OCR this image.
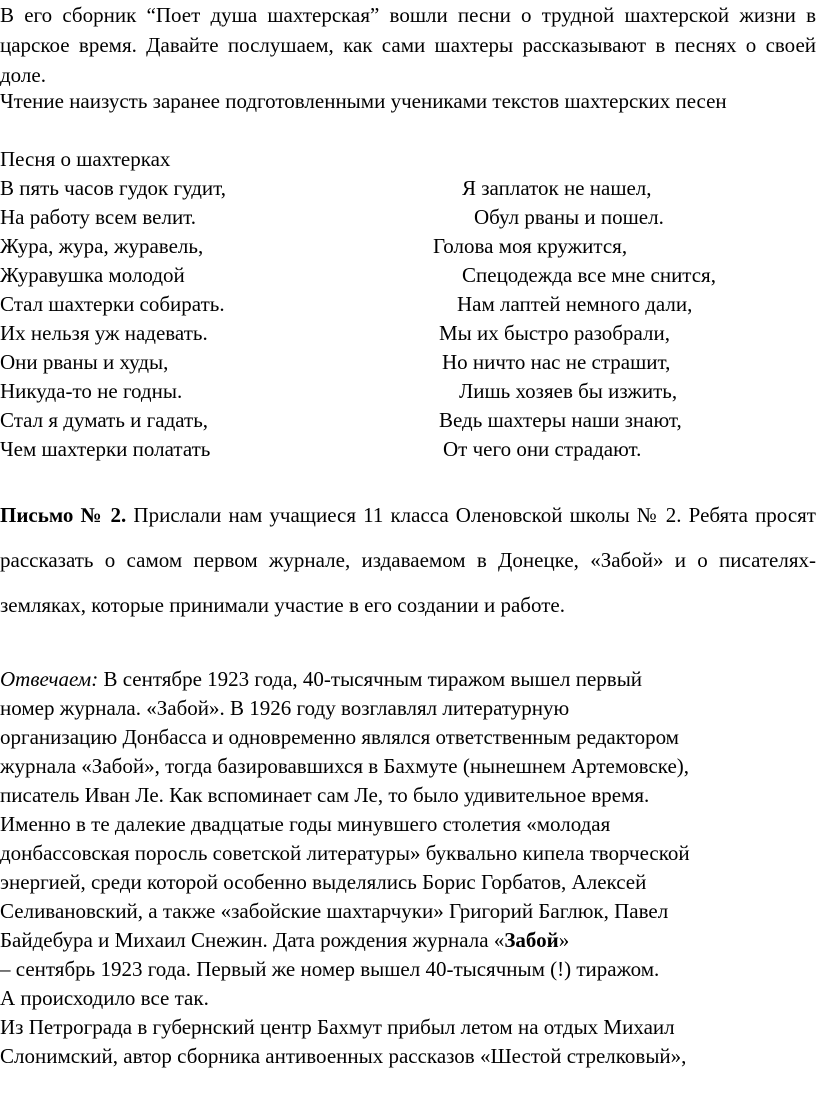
В его сборник “Поет душа шахтерская” вошли песни о трудной шахтерской жизни в царское время. Давайте послушаем, как сами шахтеры рассказывают в песнях о своей доле.

Чтение наизусть заранее подготовленными учениками текстов шахтерских песен

Песня о шахтерках
В пять часов гудок гудит,
На работу всем велит.
Жура, жура, журавель,
Журавушка молодой
Стал шахтерки собирать.
Их нельзя уж надевать.
Они рваны и худы,
Никуда-то не годны.
Стал я думать и гадать,
Чем шахтерки полатать
Я заплаток не нашел,
Обул рваны и пошел.
Голова моя кружится,
Спецодежда все мне снится,
Нам лаптей немного дали,
Мы их быстро разобрали,
Но ничто нас не страшит,
Лишь хозяев бы изжить,
Ведь шахтеры наши знают,
От чего они страдают.

Письмо № 2. Прислали нам учащиеся 11 класса Оленовской школы № 2. Ребята просят рассказать о самом первом журнале, издаваемом в Донецке, «Забой» и о писателях-земляках, которые принимали участие в его создании и работе.

Отвечаем: В сентябре 1923 года, 40-тысячным тиражом вышел первый
номер журнала. «Забой». В 1926 году возглавлял литературную
организацию Донбасса и одновременно являлся ответственным редактором
журнала «Забой», тогда базировавшихся в Бахмуте (нынешнем Артемовске),
писатель Иван Ле. Как вспоминает сам Ле, то было удивительное время.
Именно в те далекие двадцатые годы минувшего столетия «молодая
донбассовская поросль советской литературы» буквально кипела творческой
энергией, среди которой особенно выделялись Борис Горбатов, Алексей
Селивановский, а также «забойские шахтарчуки» Григорий Баглюк, Павел
Байдебура и Михаил Снежин. Дата рождения журнала «Забой»
– сентябрь 1923 года. Первый же номер вышел 40-тысячным (!) тиражом.
А происходило все так.
Из Петрограда в губернский центр Бахмут прибыл летом на отдых Михаил
Слонимский, автор сборника антивоенных рассказов «Шестой стрелковый»,
